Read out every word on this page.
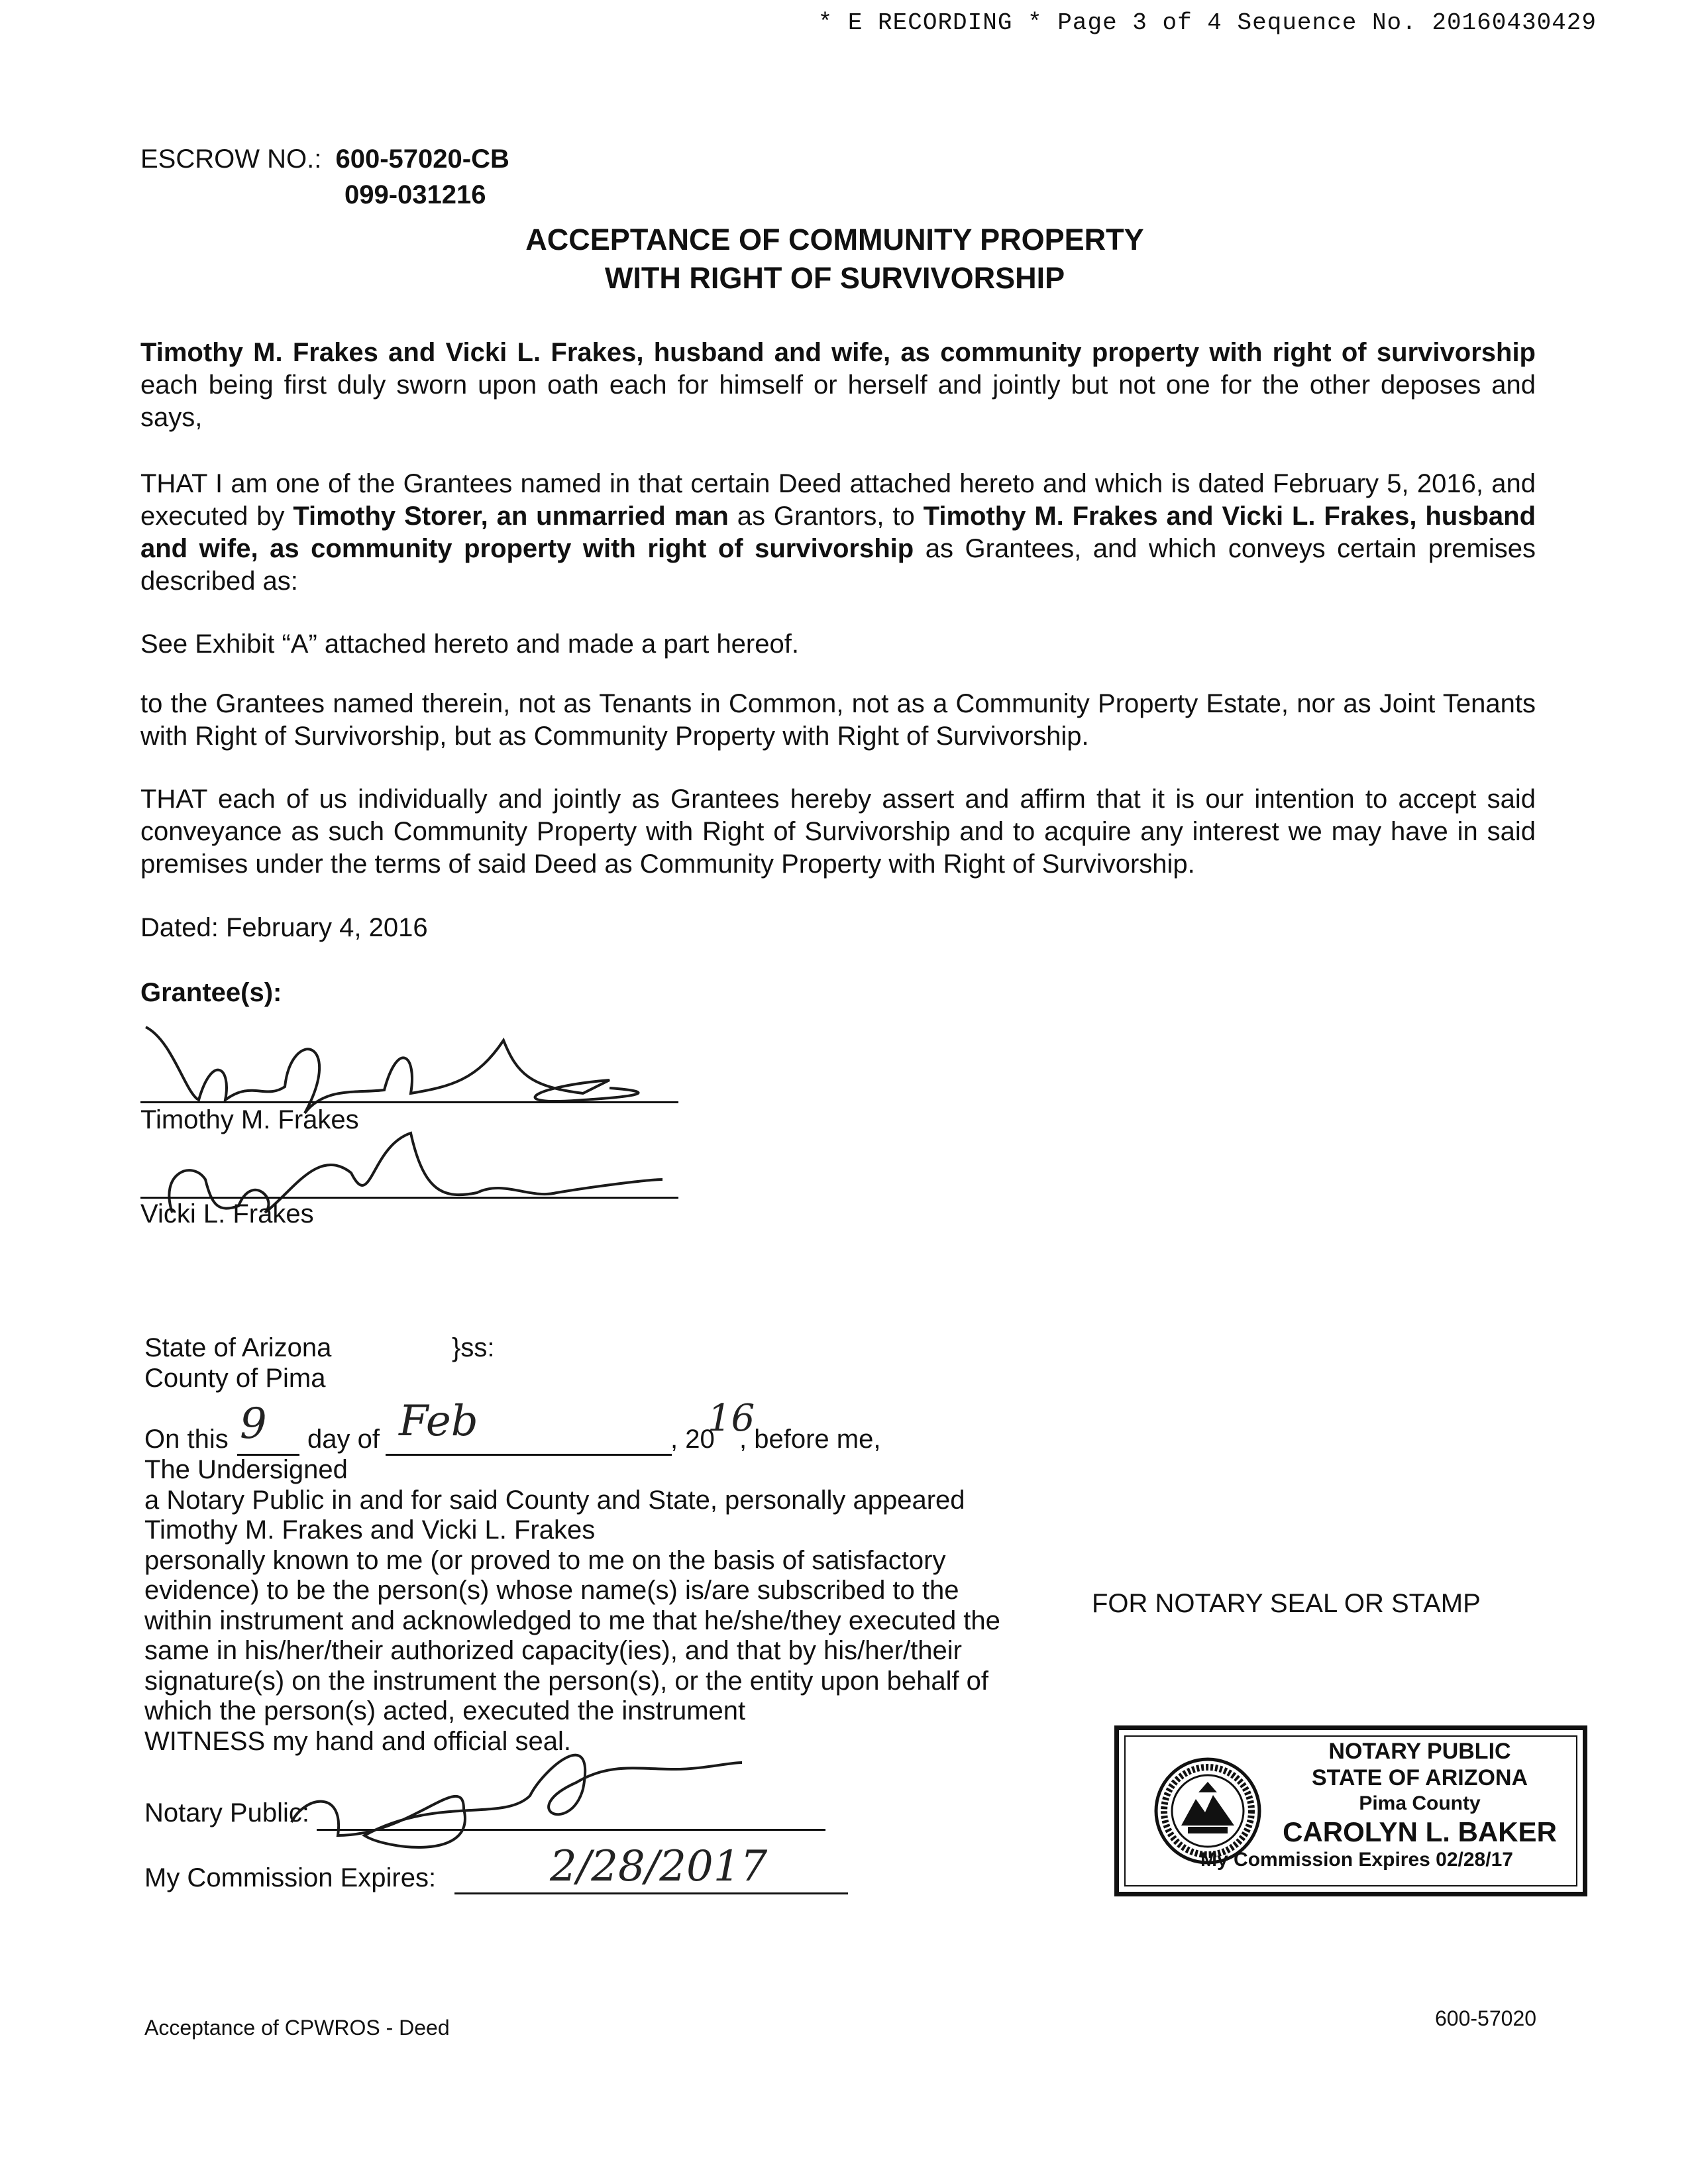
* E RECORDING * Page 3 of 4 Sequence No. 20160430429
ESCROW NO.: 600-57020-CB
099-031216
ACCEPTANCE OF COMMUNITY PROPERTY
WITH RIGHT OF SURVIVORSHIP
Timothy M. Frakes and Vicki L. Frakes, husband and wife, as community property with right of survivorship each being first duly sworn upon oath each for himself or herself and jointly but not one for the other deposes and says,
THAT I am one of the Grantees named in that certain Deed attached hereto and which is dated February 5, 2016, and executed by Timothy Storer, an unmarried man as Grantors, to Timothy M. Frakes and Vicki L. Frakes, husband and wife, as community property with right of survivorship as Grantees, and which conveys certain premises described as:
See Exhibit “A” attached hereto and made a part hereof.
to the Grantees named therein, not as Tenants in Common, not as a Community Property Estate, nor as Joint Tenants with Right of Survivorship, but as Community Property with Right of Survivorship.
THAT each of us individually and jointly as Grantees hereby assert and affirm that it is our intention to accept said conveyance as such Community Property with Right of Survivorship and to acquire any interest we may have in said premises under the terms of said Deed as Community Property with Right of Survivorship.
Dated: February 4, 2016
Grantee(s):
Timothy M. Frakes
Vicki L. Frakes
State of Arizona	}ss:
County of Pima
On this 9 day of Feb	, 20
16
, before me,
The Undersigned
a Notary Public in and for said County and State, personally appeared
Timothy M. Frakes and Vicki L. Frakes
personally known to me (or proved to me on the basis of satisfactory
evidence) to be the person(s) whose name(s) is/are subscribed to the
within instrument and acknowledged to me that he/she/they executed the
same in his/her/their authorized capacity(ies), and that by his/her/their
signature(s) on the instrument the person(s), or the entity upon behalf of
which the person(s) acted, executed the instrument
WITNESS my hand and official seal.
Notary Public:
My Commission Expires:	2/28/2017
FOR NOTARY SEAL OR STAMP
NOTARY PUBLIC
STATE OF ARIZONA
Pima County
CAROLYN L. BAKER
My Commission Expires 02/28/17
Acceptance of CPWROS - Deed	600-57020
